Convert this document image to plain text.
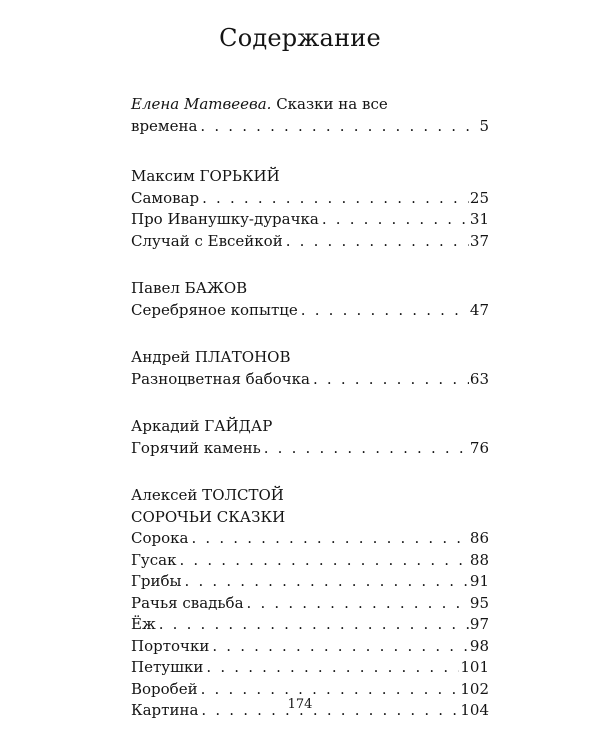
Содержание
Елена Матвеева. Сказки на все
времена . . .	5
Максим ГОРЬКИЙ
Самовар . . .	25
Про Иванушку-дурачка . . .	31
Случай с Евсейкой . . .	37
Павел БАЖОВ
Серебряное копытце . . .	47
Андрей ПЛАТОНОВ
Разноцветная бабочка . . .	63
Аркадий ГАЙДАР
Горячий камень . . .	76
Алексей ТОЛСТОЙ
СОРОЧЬИ СКАЗКИ
Сорока . . .	86
Гусак . . .	88
Грибы . . .	91
Рачья свадьба . . .	95
Ёж . . .	97
Порточки . . .	98
Петушки . . .	101
Воробей . . .	102
Картина . . .	104
174
